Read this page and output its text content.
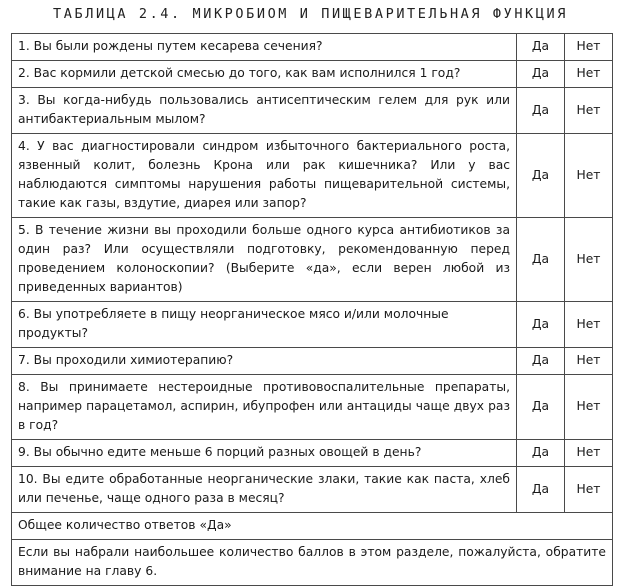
ТАБЛИЦА 2.4. МИКРОБИОМ И ПИЩЕВАРИТЕЛЬНАЯ ФУНКЦИЯ
1. Вы были рождены путем кесарева сечения?	Да	Нет
2. Вас кормили детской смесью до того, как вам исполнился 1 год?	Да	Нет
3. Вы когда-нибудь пользовались антисептическим гелем для рук или антибактериальным мылом?	Да	Нет
4. У вас диагностировали синдром избыточного бактериального роста, язвенный колит, болезнь Крона или рак кишечника? Или у вас наблюдаются симптомы нарушения работы пищеварительной системы, такие как газы, вздутие, диарея или запор?	Да	Нет
5. В течение жизни вы проходили больше одного курса антибиотиков за один раз? Или осуществляли подготовку, рекомендованную перед проведением колоноскопии? (Выберите «да», если верен любой из приведенных вариантов)	Да	Нет
6. Вы употребляете в пищу неорганическое мясо и/или молочные продукты?	Да	Нет
7. Вы проходили химиотерапию?	Да	Нет
8. Вы принимаете нестероидные противовоспалительные препараты, например парацетамол, аспирин, ибупрофен или антациды чаще двух раз в год?	Да	Нет
9. Вы обычно едите меньше 6 порций разных овощей в день?	Да	Нет
10. Вы едите обработанные неорганические злаки, такие как паста, хлеб или печенье, чаще одного раза в месяц?	Да	Нет
Общее количество ответов «Да»		
Если вы набрали наибольшее количество баллов в этом разделе, пожалуйста, обратите внимание на главу 6.		
